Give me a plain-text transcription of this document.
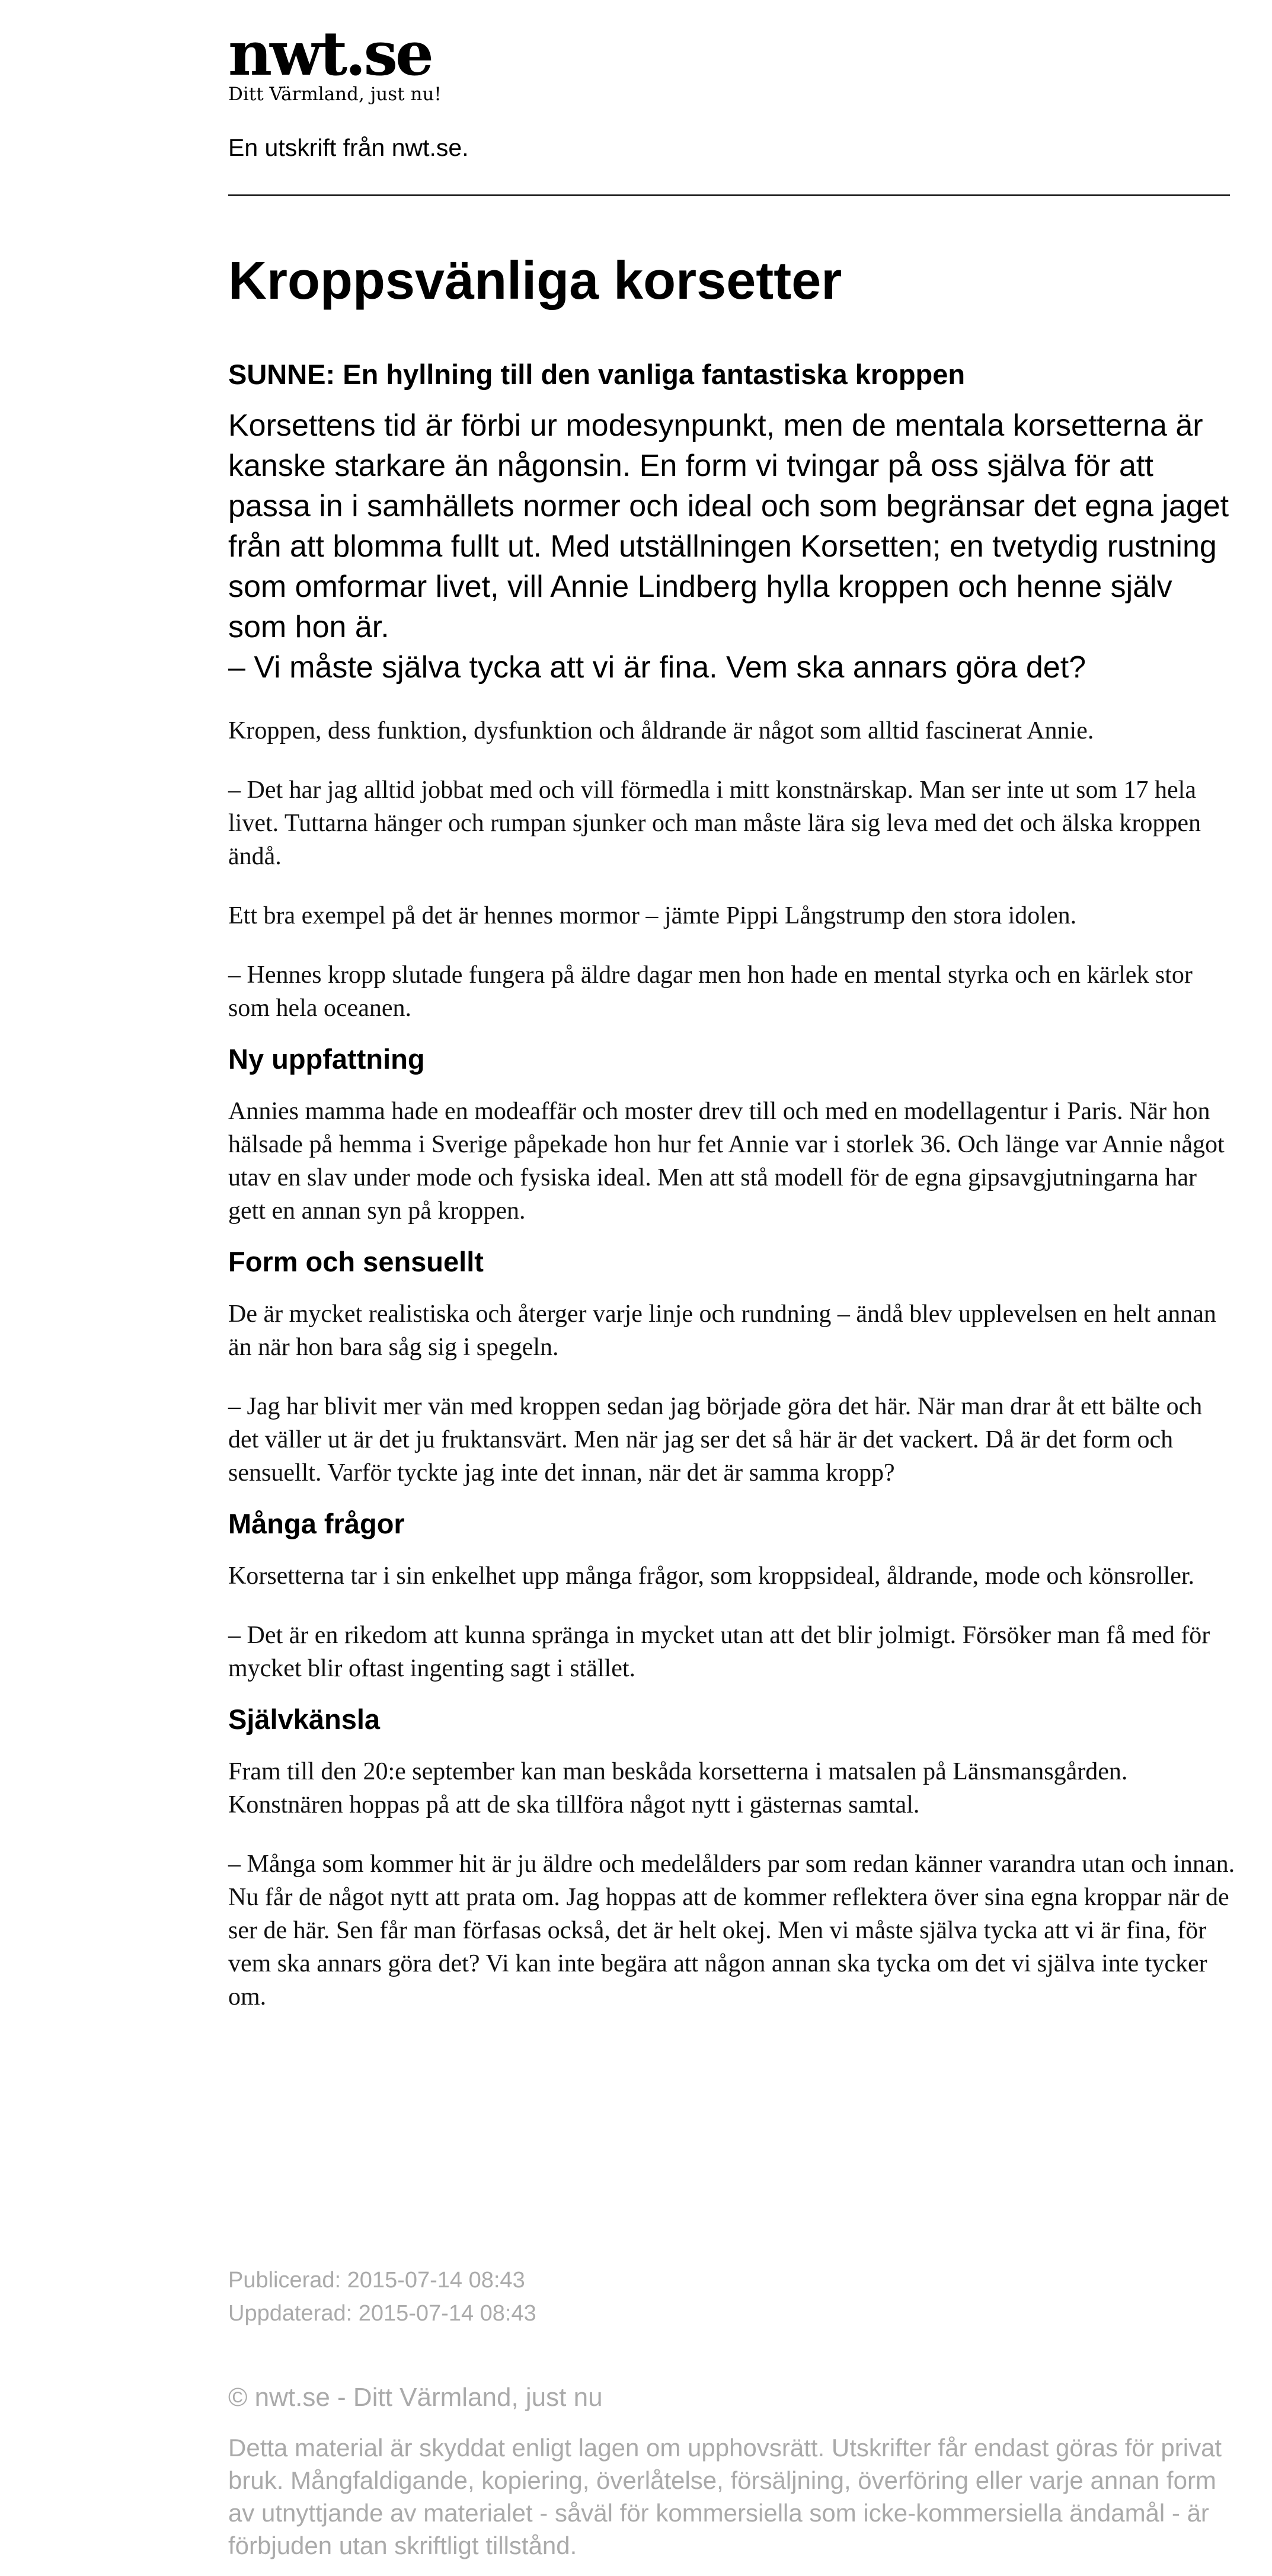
nwt.se
Ditt Värmland, just nu!
En utskrift från nwt.se.
Kroppsvänliga korsetter
SUNNE: En hyllning till den vanliga fantastiska kroppen

Korsettens tid är förbi ur modesynpunkt, men de mentala korsetterna är kanske starkare än någonsin. En form vi tvingar på oss själva för att passa in i samhällets normer och ideal och som begränsar det egna jaget från att blomma fullt ut. Med utställningen Korsetten; en tvetydig rustning som omformar livet, vill Annie Lindberg hylla kroppen och henne själv som hon är.
– Vi måste själva tycka att vi är fina. Vem ska annars göra det?

Kroppen, dess funktion, dysfunktion och åldrande är något som alltid fascinerat Annie.

– Det har jag alltid jobbat med och vill förmedla i mitt konstnärskap. Man ser inte ut som 17 hela livet. Tuttarna hänger och rumpan sjunker och man måste lära sig leva med det och älska kroppen ändå.

Ett bra exempel på det är hennes mormor – jämte Pippi Långstrump den stora idolen.

– Hennes kropp slutade fungera på äldre dagar men hon hade en mental styrka och en kärlek stor som hela oceanen.

Ny uppfattning

Annies mamma hade en modeaffär och moster drev till och med en modellagentur i Paris. När hon hälsade på hemma i Sverige påpekade hon hur fet Annie var i storlek 36. Och länge var Annie något utav en slav under mode och fysiska ideal. Men att stå modell för de egna gipsavgjutningarna har gett en annan syn på kroppen.

Form och sensuellt

De är mycket realistiska och återger varje linje och rundning – ändå blev upplevelsen en helt annan än när hon bara såg sig i spegeln.

– Jag har blivit mer vän med kroppen sedan jag började göra det här. När man drar åt ett bälte och det väller ut är det ju fruktansvärt. Men när jag ser det så här är det vackert. Då är det form och sensuellt. Varför tyckte jag inte det innan, när det är samma kropp?

Många frågor

Korsetterna tar i sin enkelhet upp många frågor, som kroppsideal, åldrande, mode och könsroller.

– Det är en rikedom att kunna spränga in mycket utan att det blir jolmigt. Försöker man få med för mycket blir oftast ingenting sagt i stället.

Självkänsla

Fram till den 20:e september kan man beskåda korsetterna i matsalen på Länsmansgården. Konstnären hoppas på att de ska tillföra något nytt i gästernas samtal.

– Många som kommer hit är ju äldre och medelålders par som redan känner varandra utan och innan. Nu får de något nytt att prata om. Jag hoppas att de kommer reflektera över sina egna kroppar när de ser de här. Sen får man förfasas också, det är helt okej. Men vi måste själva tycka att vi är fina, för vem ska annars göra det? Vi kan inte begära att någon annan ska tycka om det vi själva inte tycker om.

Publicerad: 2015-07-14 08:43
Uppdaterad: 2015-07-14 08:43
© nwt.se - Ditt Värmland, just nu

Detta material är skyddat enligt lagen om upphovsrätt. Utskrifter får endast göras för privat bruk. Mångfaldigande, kopiering, överlåtelse, försäljning, överföring eller varje annan form av utnyttjande av materialet - såväl för kommersiella som icke-kommersiella ändamål - är förbjuden utan skriftligt tillstånd.
